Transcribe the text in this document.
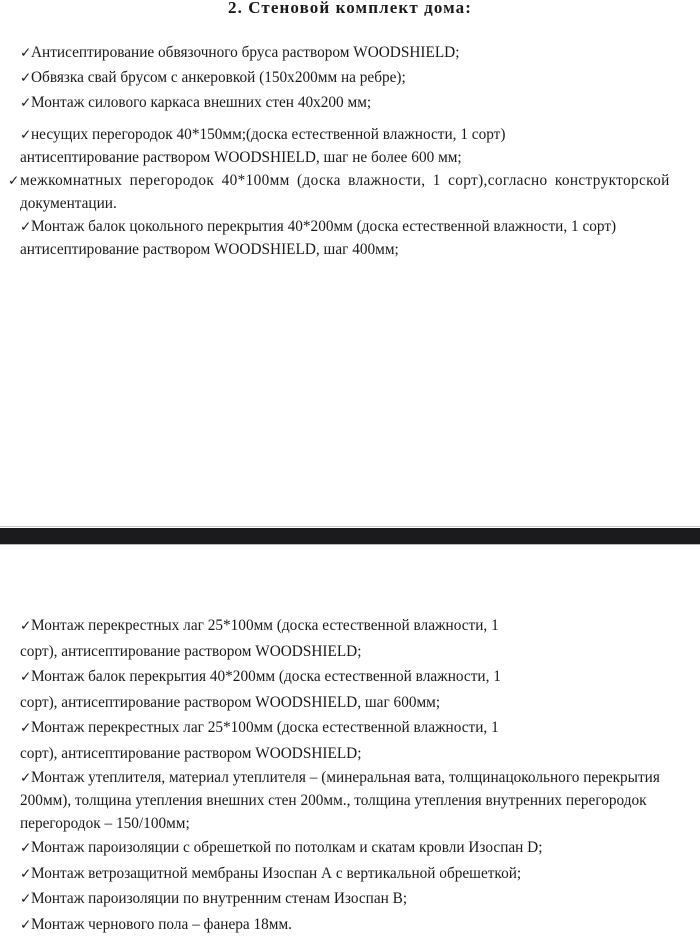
2. Стеновой комплект дома:
✓ Антисептирование обвязочного бруса раствором WOODSHIELD;
✓ Обвязка свай брусом с анкеровкой (150х200мм на ребре);
✓ Монтаж силового каркаса внешних стен 40х200 мм;
✓ несущих перегородок 40*150мм;(доска естественной влажности, 1 сорт)
антисептирование раствором WOODSHIELD, шаг не более 600 мм;
✓ межкомнатных перегородок 40*100мм (доска влажности, 1 сорт),согласно конструкторской
документации.
✓ Монтаж балок цокольного перекрытия 40*200мм (доска естественной влажности, 1 сорт)
антисептирование раствором WOODSHIELD, шаг 400мм;
✓ Монтаж перекрестных лаг 25*100мм (доска естественной влажности, 1
сорт), антисептирование раствором WOODSHIELD;
✓ Монтаж балок перекрытия 40*200мм (доска естественной влажности, 1
сорт), антисептирование раствором WOODSHIELD, шаг 600мм;
✓ Монтаж перекрестных лаг 25*100мм (доска естественной влажности, 1
сорт), антисептирование раствором WOODSHIELD;
✓ Монтаж утеплителя, материал утеплителя – (минеральная вата, толщинацокольного перекрытия
200мм), толщина утепления внешних стен 200мм., толщина утепления внутренних перегородок
перегородок – 150/100мм;
✓ Монтаж пароизоляции с обрешеткой по потолкам и скатам кровли Изоспан D;
✓ Монтаж ветрозащитной мембраны Изоспан А с вертикальной обрешеткой;
✓ Монтаж пароизоляции по внутренним стенам Изоспан В;
✓ Монтаж чернового пола – фанера 18мм.
